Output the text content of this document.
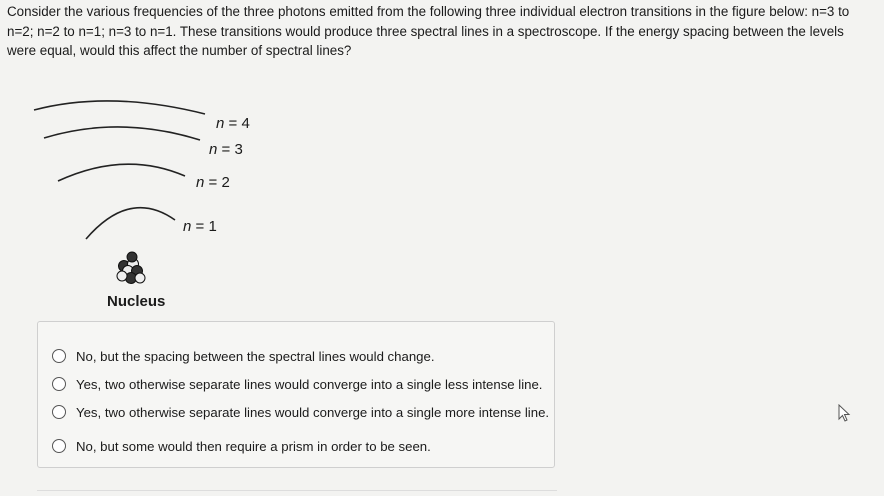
Consider the various frequencies of the three photons emitted from the following three individual electron transitions in the figure below: n=3 to n=2; n=2 to n=1; n=3 to n=1. These transitions would produce three spectral lines in a spectroscope. If the energy spacing between the levels were equal, would this affect the number of spectral lines?
n = 4
n = 3
n = 2
n = 1
Nucleus
No, but the spacing between the spectral lines would change.
Yes, two otherwise separate lines would converge into a single less intense line.
Yes, two otherwise separate lines would converge into a single more intense line.
No, but some would then require a prism in order to be seen.
